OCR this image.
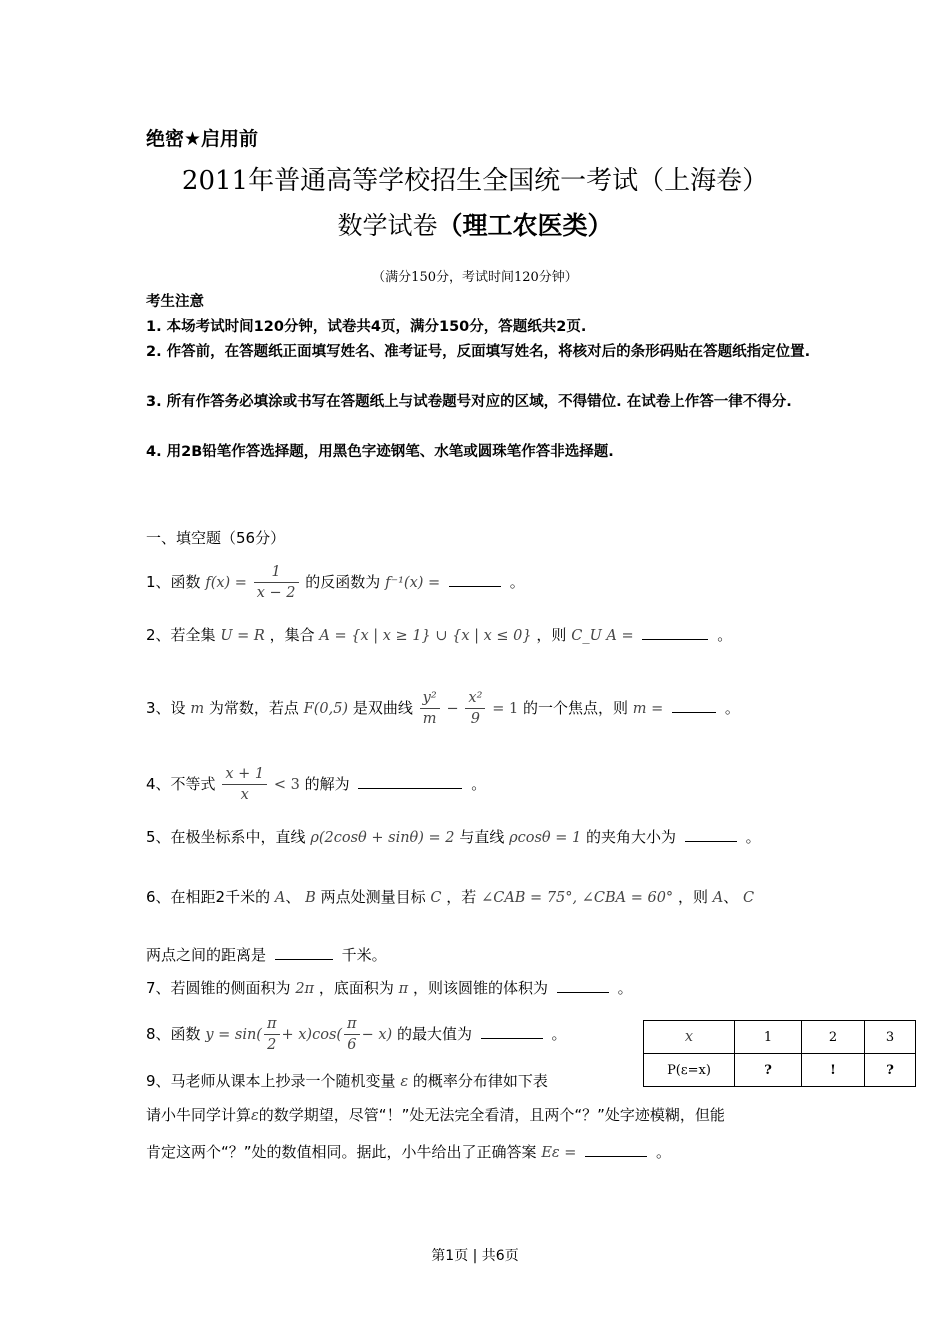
绝密★启用前
2011年普通高等学校招生全国统一考试（上海卷）
数学试卷（理工农医类）
（满分150分，考试时间120分钟）
考生注意
1. 本场考试时间120分钟，试卷共4页，满分150分，答题纸共2页.
2. 作答前，在答题纸正面填写姓名、准考证号，反面填写姓名，将核对后的条形码贴在答题纸指定位置.
3. 所有作答务必填涂或书写在答题纸上与试卷题号对应的区域，不得错位. 在试卷上作答一律不得分.
4. 用2B铅笔作答选择题，用黑色字迹钢笔、水笔或圆珠笔作答非选择题.
一、填空题（56分）
1、函数 $f(x) = \frac{1}{x - 2}$ 的反函数为 f⁻¹(x) =	。
2、若全集 U = R ，集合 A = {x | x ≥ 1} ∪ {x | x ≤ 0} ，则 C_U A =	。
3、设 m 为常数，若点 F(0,5) 是双曲线 $\frac{\text{y²}}{m} - \frac{\text{x²}}{9} = 1$ 的一个焦点，则 m =	。
4、不等式 $\frac{x + 1}{x} < 3$ 的解为	。
5、在极坐标系中，直线 ρ(2cosθ + sinθ) = 2 与直线 ρcosθ = 1 的夹角大小为	。
6、在相距2千米的 A、 B 两点处测量目标 C ，若 ∠CAB = 75°, ∠CBA = 60° ，则 A、 C
两点之间的距离是	千米。
7、若圆锥的侧面积为 2π ，底面积为 π ，则该圆锥的体积为	。
8、函数 $y = \sin( \frac{\pi}{2} + x)\cos( \frac{\pi}{6} - x)$ 的最大值为	。
9、马老师从课本上抄录一个随机变量 ε 的概率分布律如下表
请小牛同学计算ε的数学期望，尽管“！”处无法完全看清，且两个“？”处字迹模糊，但能
肯定这两个“？”处的数值相同。据此，小牛给出了正确答案 Eε =	。
x	1	2	3
P(ε=x)	?	!	?
第1页 | 共6页
